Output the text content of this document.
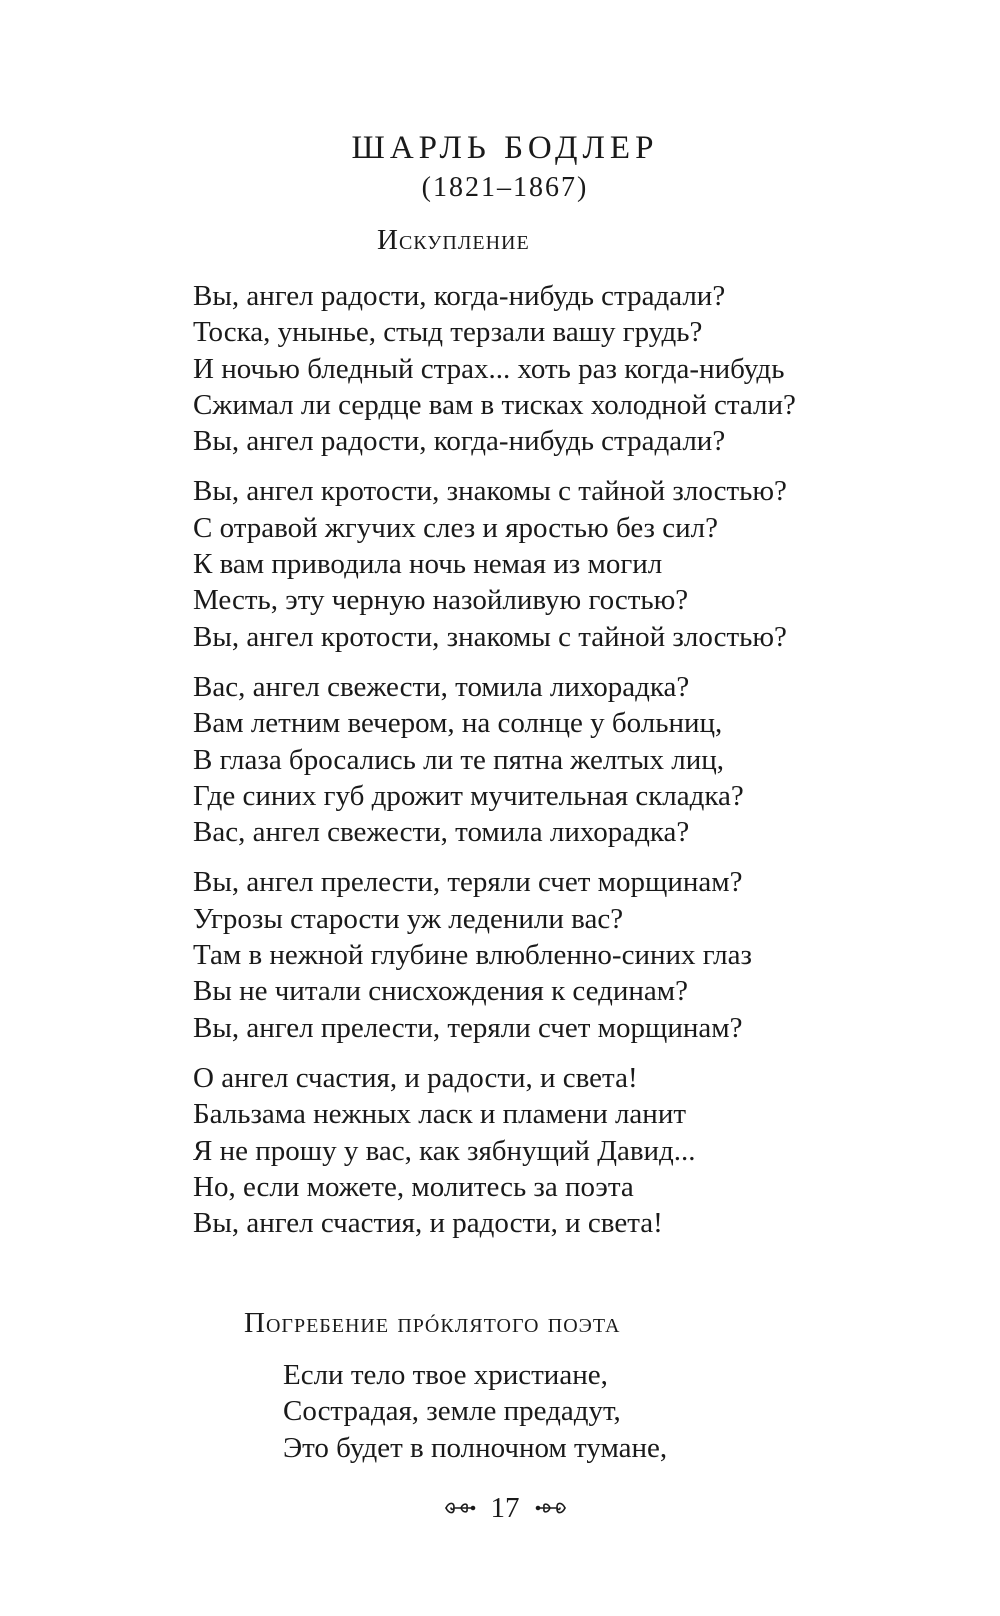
ШАРЛЬ БОДЛЕР
(1821–1867)
Искупление
Вы, ангел радости, когда-нибудь страдали?
Тоска, унынье, стыд терзали вашу грудь?
И ночью бледный страх... хоть раз когда-нибудь
Сжимал ли сердце вам в тисках холодной стали?
Вы, ангел радости, когда-нибудь страдали?
Вы, ангел кротости, знакомы с тайной злостью?
С отравой жгучих слез и яростью без сил?
К вам приводила ночь немая из могил
Месть, эту черную назойливую гостью?
Вы, ангел кротости, знакомы с тайной злостью?
Вас, ангел свежести, томила лихорадка?
Вам летним вечером, на солнце у больниц,
В глаза бросались ли те пятна желтых лиц,
Где синих губ дрожит мучительная складка?
Вас, ангел свежести, томила лихорадка?
Вы, ангел прелести, теряли счет морщинам?
Угрозы старости уж леденили вас?
Там в нежной глубине влюбленно-синих глаз
Вы не читали снисхождения к сединам?
Вы, ангел прелести, теряли счет морщинам?
О ангел счастия, и радости, и света!
Бальзама нежных ласк и пламени ланит
Я не прошу у вас, как зябнущий Давид...
Но, если можете, молитесь за поэта
Вы, ангел счастия, и радости, и света!
Погребение прóклятого поэта
Если тело твое христиане,
Сострадая, земле предадут,
Это будет в полночном тумане,
17
